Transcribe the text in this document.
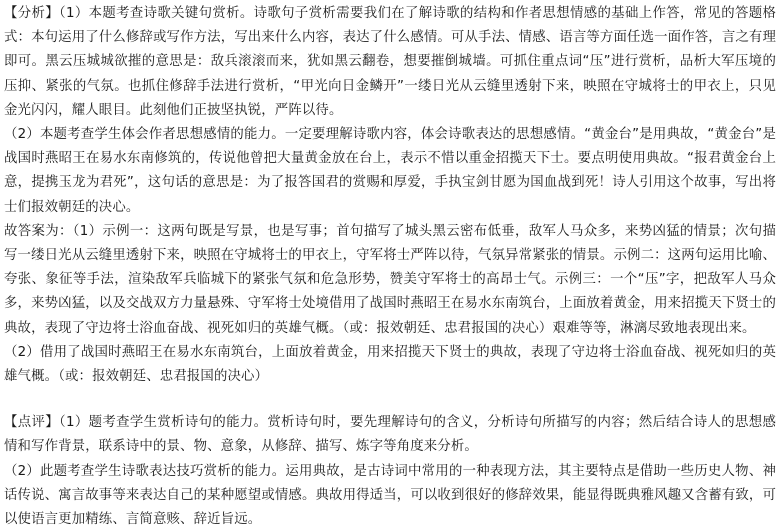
【分析】（1）本题考查诗歌关键句赏析。诗歌句子赏析需要我们在了解诗歌的结构和作者思想情感的基础上作答，常见的答题格式：本句运用了什么修辞或写作方法，写出来什么内容，表达了什么感情。可从手法、情感、语言等方面任选一面作答，言之有理即可。黑云压城城欲摧的意思是：敌兵滚滚而来，犹如黑云翻卷，想要摧倒城墙。可抓住重点词“压”进行赏析，品析大军压境的压抑、紧张的气氛。也抓住修辞手法进行赏析，“甲光向日金鳞开”一缕日光从云缝里透射下来，映照在守城将士的甲衣上，只见金光闪闪，耀人眼目。此刻他们正披坚执锐，严阵以待。

（2）本题考查学生体会作者思想感情的能力。一定要理解诗歌内容，体会诗歌表达的思想感情。“黄金台”是用典故，“黄金台”是战国时燕昭王在易水东南修筑的，传说他曾把大量黄金放在台上，表示不惜以重金招揽天下士。要点明使用典故。“报君黄金台上意，提携玉龙为君死”，这句话的意思是：为了报答国君的赏赐和厚爱，手执宝剑甘愿为国血战到死！诗人引用这个故事，写出将士们报效朝廷的决心。

故答案为：（1）示例一：这两句既是写景，也是写事；首句描写了城头黑云密布低垂，敌军人马众多，来势凶猛的情景；次句描写一缕日光从云缝里透射下来，映照在守城将士的甲衣上，守军将士严阵以待，气氛异常紧张的情景。示例二：这两句运用比喻、夸张、象征等手法，渲染敌军兵临城下的紧张气氛和危急形势，赞美守军将士的高昂士气。示例三：一个“压”字，把敌军人马众多，来势凶猛，以及交战双方力量悬殊、守军将士处境借用了战国时燕昭王在易水东南筑台，上面放着黄金，用来招揽天下贤士的典故，表现了守边将士浴血奋战、视死如归的英雄气概。（或：报效朝廷、忠君报国的决心）艰难等等，淋漓尽致地表现出来。

（2）借用了战国时燕昭王在易水东南筑台，上面放着黄金，用来招揽天下贤士的典故，表现了守边将士浴血奋战、视死如归的英雄气概。（或：报效朝廷、忠君报国的决心）

【点评】（1）题考查学生赏析诗句的能力。赏析诗句时，要先理解诗句的含义，分析诗句所描写的内容；然后结合诗人的思想感情和写作背景，联系诗中的景、物、意象，从修辞、描写、炼字等角度来分析。

（2）此题考查学生诗歌表达技巧赏析的能力。运用典故，是古诗词中常用的一种表现方法，其主要特点是借助一些历史人物、神话传说、寓言故事等来表达自己的某种愿望或情感。典故用得适当，可以收到很好的修辞效果，能显得既典雅风趣又含蓄有致，可以使语言更加精练、言简意赅、辞近旨远。
